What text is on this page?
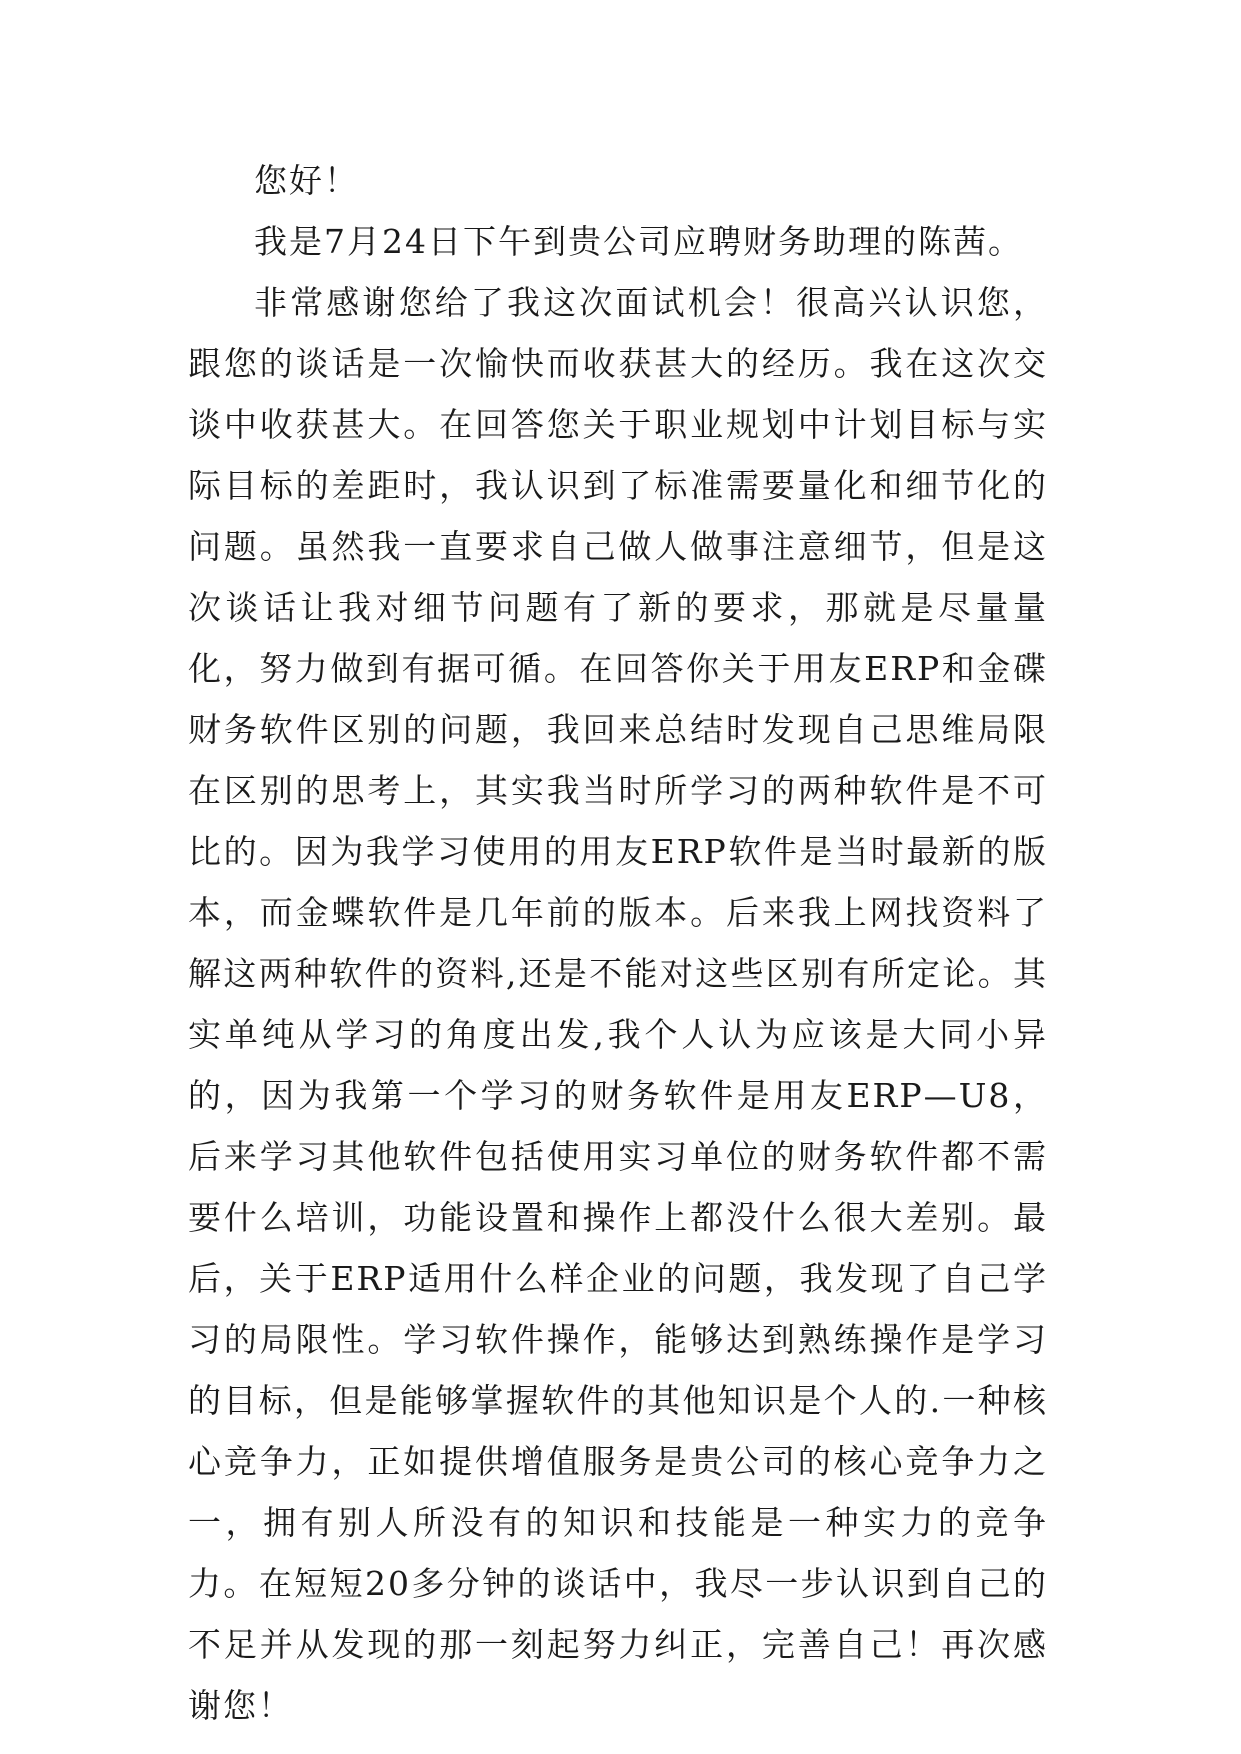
您好！

我是7月24日下午到贵公司应聘财务助理的陈茜。

非常感谢您给了我这次面试机会！很高兴认识您，跟您的谈话是一次愉快而收获甚大的经历。我在这次交谈中收获甚大。在回答您关于职业规划中计划目标与实际目标的差距时，我认识到了标准需要量化和细节化的问题。虽然我一直要求自己做人做事注意细节，但是这次谈话让我对细节问题有了新的要求，那就是尽量量化，努力做到有据可循。在回答你关于用友ERP和金碟财务软件区别的问题，我回来总结时发现自己思维局限在区别的思考上，其实我当时所学习的两种软件是不可比的。因为我学习使用的用友ERP软件是当时最新的版本，而金蝶软件是几年前的版本。后来我上网找资料了解这两种软件的资料,还是不能对这些区别有所定论。其实单纯从学习的角度出发,我个人认为应该是大同小异的，因为我第一个学习的财务软件是用友ERP—U8，后来学习其他软件包括使用实习单位的财务软件都不需要什么培训，功能设置和操作上都没什么很大差别。最后，关于ERP适用什么样企业的问题，我发现了自己学习的局限性。学习软件操作，能够达到熟练操作是学习的目标，但是能够掌握软件的其他知识是个人的.一种核心竞争力，正如提供增值服务是贵公司的核心竞争力之一，拥有别人所没有的知识和技能是一种实力的竞争力。在短短20多分钟的谈话中，我尽一步认识到自己的不足并从发现的那一刻起努力纠正，完善自己！再次感谢您！
